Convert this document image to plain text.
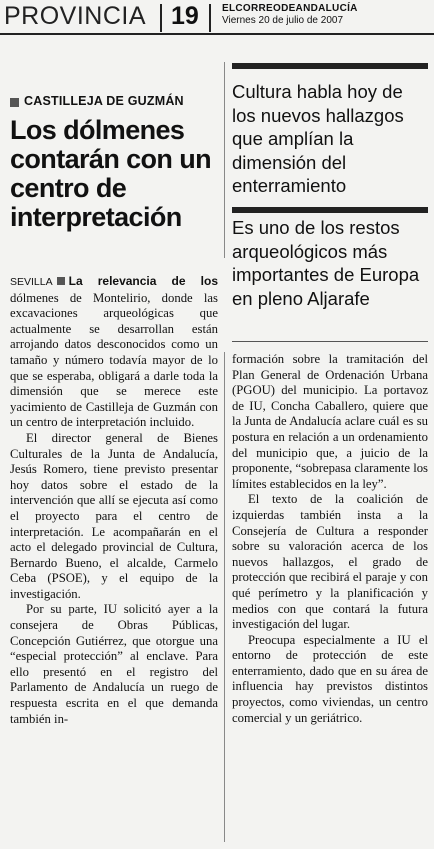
PROVINCIA 19 ELCORREODEANDALUCÍA
Viernes 20 de julio de 2007
CASTILLEJA DE GUZMÁN
Los dólmenes contarán con un centro de interpretación

SEVILLA La relevancia de los dólmenes de Montelirio, donde las excavaciones arqueológicas que actualmente se desarrollan están arrojando datos desconocidos como un tamaño y número todavía mayor de lo que se esperaba, obligará a darle toda la dimensión que se merece este yacimiento de Castilleja de Guzmán con un centro de interpretación incluido.

El director general de Bienes Culturales de la Junta de Andalucía, Jesús Romero, tiene previsto presentar hoy datos sobre el estado de la intervención que allí se ejecuta así como el proyecto para el centro de interpretación. Le acompañarán en el acto el delegado provincial de Cultura, Bernardo Bueno, el alcalde, Carmelo Ceba (PSOE), y el equipo de la investigación.

Por su parte, IU solicitó ayer a la consejera de Obras Públicas, Concepción Gutiérrez, que otorgue una “especial protección” al enclave. Para ello presentó en el registro del Parlamento de Andalucía un ruego de respuesta escrita en el que demanda también in-

Cultura habla hoy de los nuevos hallazgos que amplían la dimensión del enterramiento
Es uno de los restos arqueológicos más importantes de Europa en pleno Aljarafe

formación sobre la tramitación del Plan General de Ordenación Urbana (PGOU) del municipio. La portavoz de IU, Concha Caballero, quiere que la Junta de Andalucía aclare cuál es su postura en relación a un ordenamiento del municipio que, a juicio de la proponente, “sobrepasa claramente los límites establecidos en la ley”.

El texto de la coalición de izquierdas también insta a la Consejería de Cultura a responder sobre su valoración acerca de los nuevos hallazgos, el grado de protección que recibirá el paraje y con qué perímetro y la planificación y medios con que contará la futura investigación del lugar.

Preocupa especialmente a IU el entorno de protección de este enterramiento, dado que en su área de influencia hay previstos distintos proyectos, como viviendas, un centro comercial y un geriátrico.
